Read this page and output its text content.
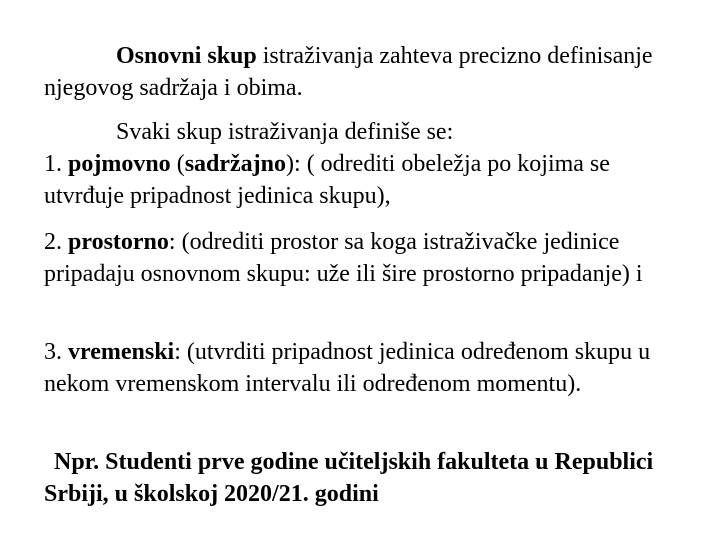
Osnovni skup istraživanja zahteva precizno definisanje njegovog sadržaja i obima.

Svaki skup istraživanja definiše se:

1. pojmovno (sadržajno): ( odrediti obeležja po kojima se utvrđuje pripadnost jedinica skupu),

2. prostorno: (odrediti prostor sa koga istraživačke jedinice pripadaju osnovnom skupu: uže ili šire prostorno pripadanje) i

3. vremenski: (utvrditi pripadnost jedinica određenom skupu u nekom vremenskom intervalu ili određenom momentu).

Npr. Studenti prve godine učiteljskih fakulteta u Republici Srbiji, u školskoj 2020/21. godini
